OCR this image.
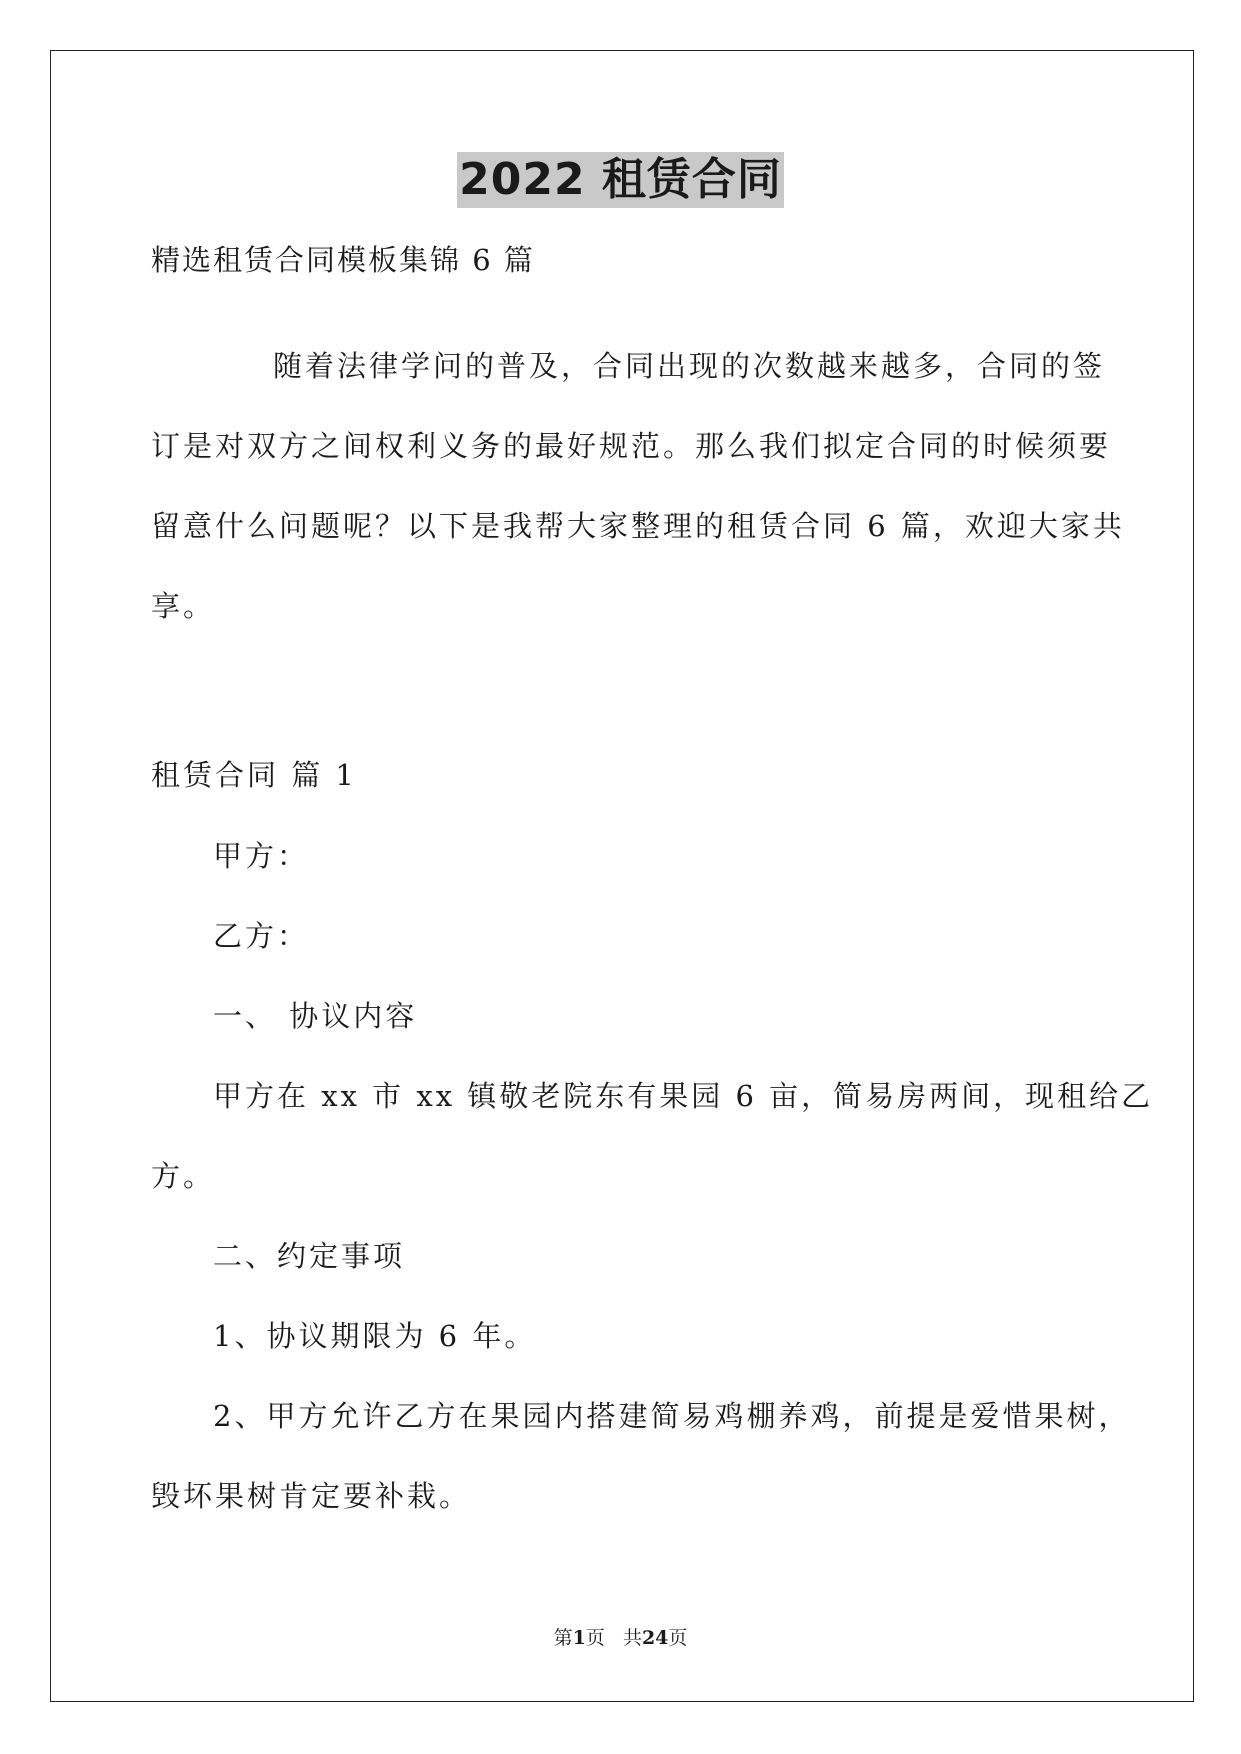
2022 租赁合同
精选租赁合同模板集锦 6 篇
随着法律学问的普及，合同出现的次数越来越多，合同的签
订是对双方之间权利义务的最好规范。那么我们拟定合同的时候须要
留意什么问题呢？以下是我帮大家整理的租赁合同 6 篇，欢迎大家共
享。
租赁合同 篇 1
甲方：
乙方：
一、 协议内容
甲方在 xx 市 xx 镇敬老院东有果园 6 亩，简易房两间，现租给乙
方。
二、约定事项
1、协议期限为 6 年。
2、甲方允许乙方在果园内搭建简易鸡棚养鸡，前提是爱惜果树，
毁坏果树肯定要补栽。
第1页   共24页
